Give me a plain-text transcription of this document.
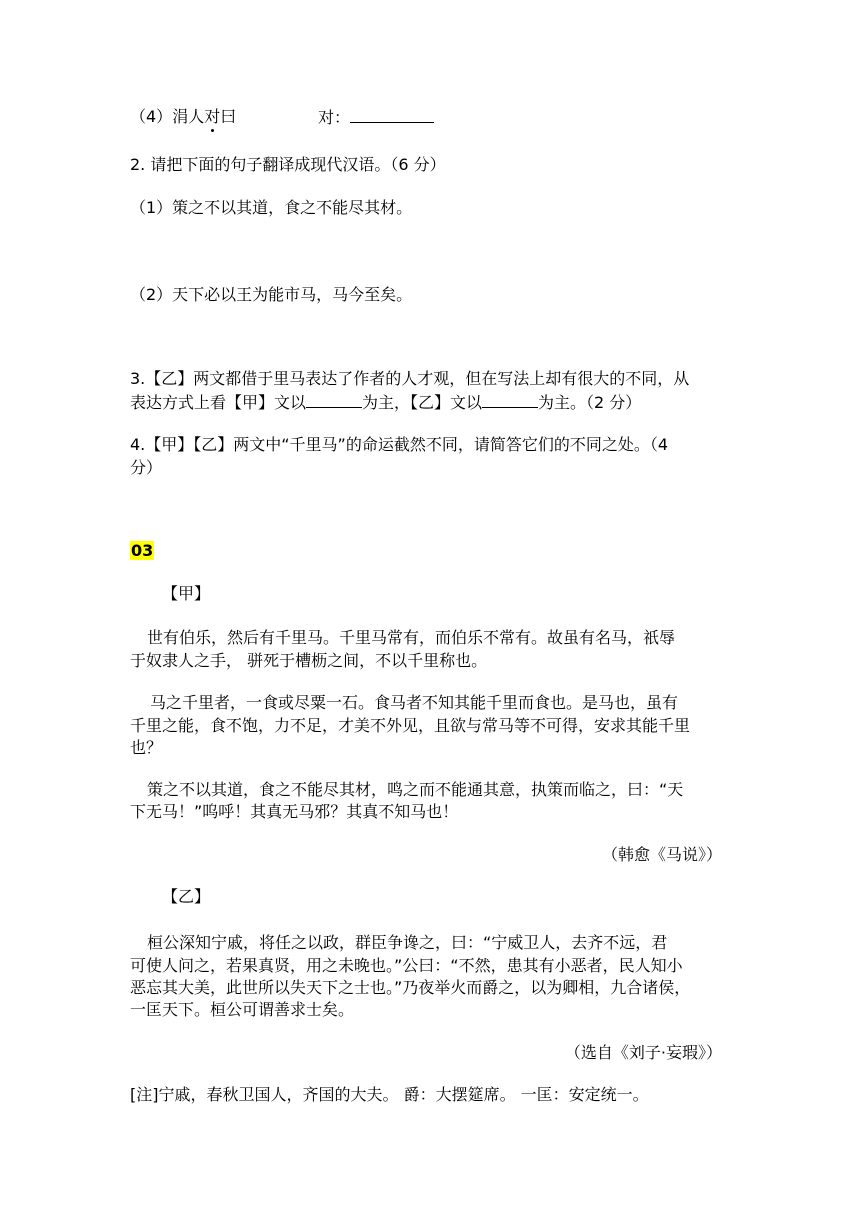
（4）涓人对曰	对：
2. 请把下面的句子翻译成现代汉语。（6 分）
（1）策之不以其道，食之不能尽其材。
（2）天下必以王为能市马，马今至矣。
3.【乙】两文都借于里马表达了作者的人才观，但在写法上却有很大的不同，从
表达方式上看【甲】文以	为主，【乙】文以	为主。（2 分）
4.【甲】【乙】两文中“千里马”的命运截然不同，请简答它们的不同之处。（4
分）
03
【甲】
世有伯乐，然后有千里马。千里马常有，而伯乐不常有。故虽有名马，祇辱
于奴隶人之手， 骈死于槽枥之间，不以千里称也。
马之千里者，一食或尽粟一石。食马者不知其能千里而食也。是马也，虽有
千里之能，食不饱，力不足，才美不外见，且欲与常马等不可得，安求其能千里
也？
策之不以其道，食之不能尽其材，鸣之而不能通其意，执策而临之，曰：“天
下无马！”呜呼！其真无马邪？其真不知马也！
（韩愈《马说》）
【乙】
桓公深知宁戚，将任之以政，群臣争谗之，曰：“宁威卫人，去齐不远，君
可使人问之，若果真贤，用之未晚也。”公曰：“不然，患其有小恶者，民人知小
恶忘其大美，此世所以失天下之士也。”乃夜举火而爵之，以为卿相，九合诸侯，
一匡天下。桓公可谓善求士矣。
（选自《刘子·妄瑕》）
[注]宁戚，春秋卫国人，齐国的大夫。 爵：大摆筵席。 一匡：安定统一。
